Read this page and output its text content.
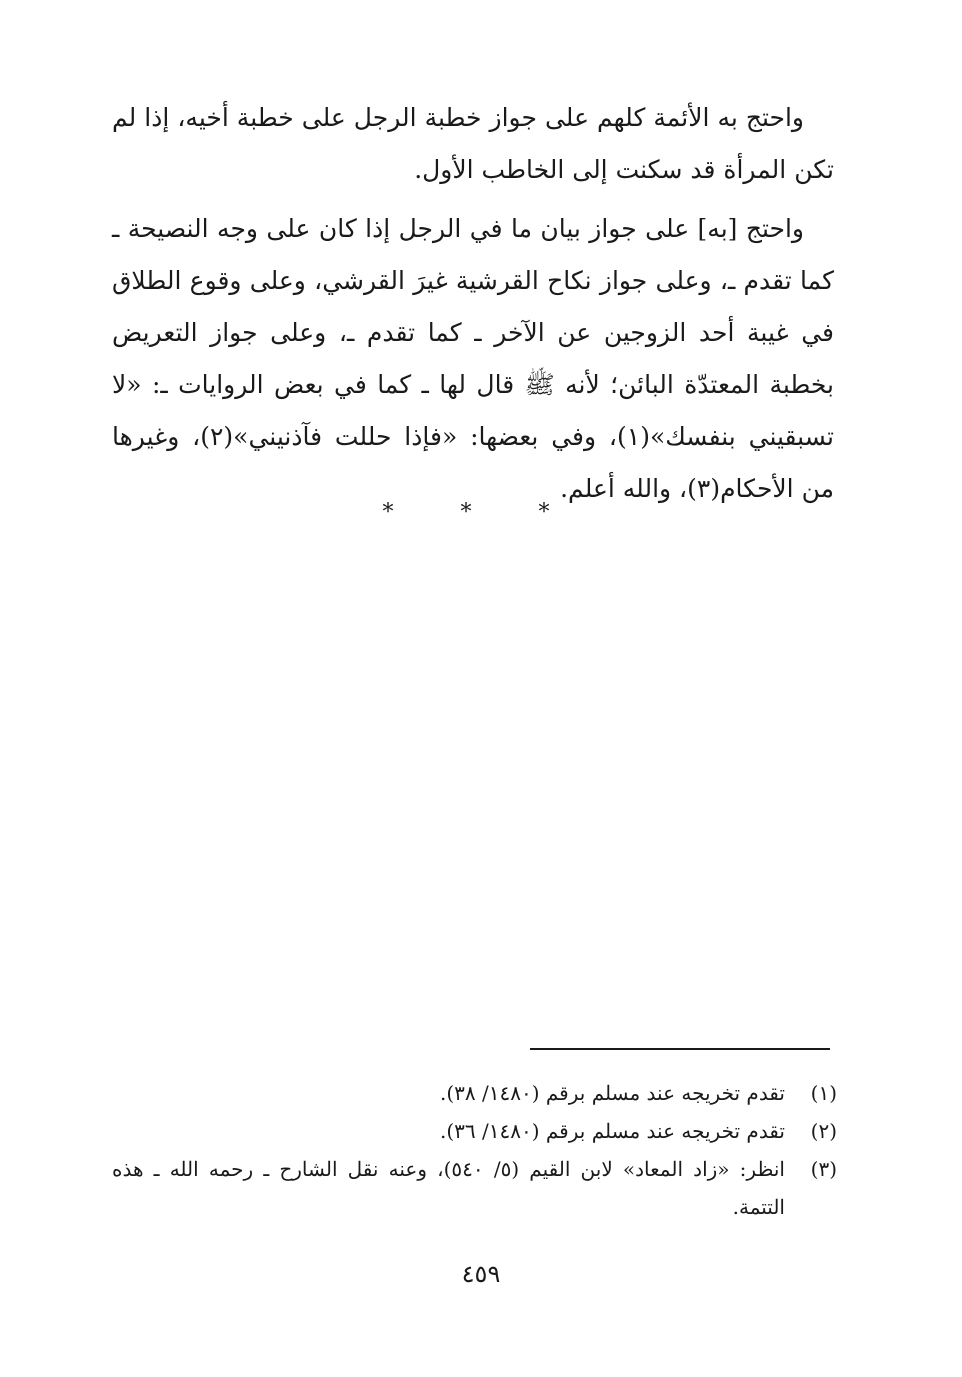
واحتج به الأئمة كلهم على جواز خطبة الرجل على خطبة أخيه، إذا لم تكن المرأة قد سكنت إلى الخاطب الأول.

واحتج [به] على جواز بيان ما في الرجل إذا كان على وجه النصيحة ـ كما تقدم ـ، وعلى جواز نكاح القرشية غيرَ القرشي، وعلى وقوع الطلاق في غيبة أحد الزوجين عن الآخر ـ كما تقدم ـ، وعلى جواز التعريض بخطبة المعتدّة البائن؛ لأنه ﷺ قال لها ـ كما في بعض الروايات ـ: «لا تسبقيني بنفسك»(١)، وفي بعضها: «فإذا حللت فآذنيني»(٢)، وغيرها من الأحكام(٣)، والله أعلم.

* * *
(١)
تقدم تخريجه عند مسلم برقم (١٤٨٠/ ٣٨).
(٢)
تقدم تخريجه عند مسلم برقم (١٤٨٠/ ٣٦).
(٣)
انظر: «زاد المعاد» لابن القيم (٥/ ٥٤٠)، وعنه نقل الشارح ـ رحمه الله ـ هذه التتمة.
٤٥٩
